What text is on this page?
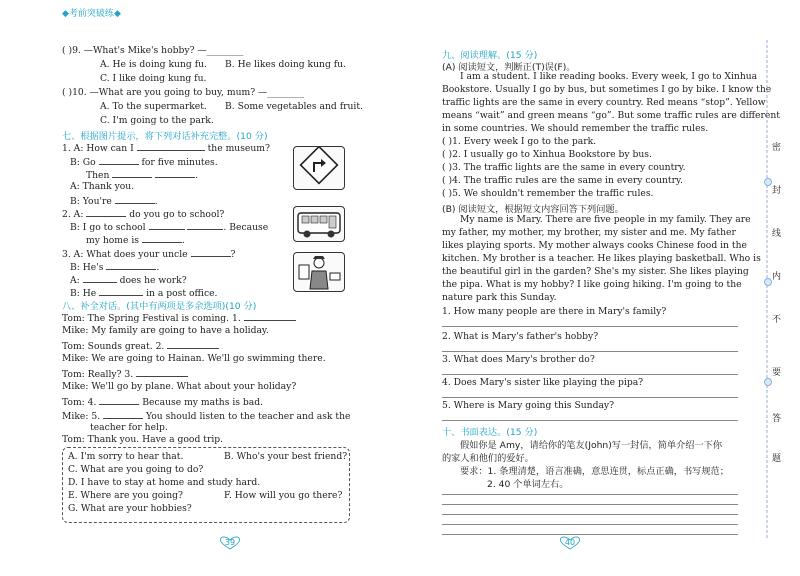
◆考前突破练◆
( )9. —What's Mike's hobby? —________
A. He is doing kung fu. B. He likes doing kung fu.
C. I like doing kung fu.
( )10. —What are you going to buy, mum? —________
A. To the supermarket. B. Some vegetables and fruit.
C. I'm going to the park.
七、根据图片提示，将下列对话补充完整。(10 分)
1. A: How can I	the museum?
B: Go	for five minutes.
Then	.
A: Thank you.
B: You're	.
2. A:	do you go to school?
B: I go to school	. Because
my home is	.
3. A: What does your uncle	?
B: He's	.
A:	does he work?
B: He	in a post office.
八、补全对话。(其中有两项是多余选项)(10 分)
Tom: The Spring Festival is coming. 1.
Mike: My family are going to have a holiday.
Tom: Sounds great. 2.
Mike: We are going to Hainan. We'll go swimming there.
Tom: Really? 3.
Mike: We'll go by plane. What about your holiday?
Tom: 4.	Because my maths is bad.
Mike: 5.	You should listen to the teacher and ask the
teacher for help.
Tom: Thank you. Have a good trip.
A. I'm sorry to hear that.	B. Who's your best friend?
C. What are you going to do?
D. I have to stay at home and study hard.
E. Where are you going?	F. How will you go there?
G. What are your hobbies?
39
九、阅读理解。(15 分)
(A) 阅读短文，判断正(T)误(F)。
I am a student. I like reading books. Every week, I go to Xinhua
Bookstore. Usually I go by bus, but sometimes I go by bike. I know the
traffic lights are the same in every country. Red means “stop”. Yellow
means “wait” and green means “go”. But some traffic rules are different
in some countries. We should remember the traffic rules.
( )1. Every week I go to the park.
( )2. I usually go to Xinhua Bookstore by bus.
( )3. The traffic lights are the same in every country.
( )4. The traffic rules are the same in every country.
( )5. We shouldn't remember the traffic rules.
(B) 阅读短文，根据短文内容回答下列问题。
My name is Mary. There are five people in my family. They are
my father, my mother, my brother, my sister and me. My father
likes playing sports. My mother always cooks Chinese food in the
kitchen. My brother is a teacher. He likes playing basketball. Who is
the beautiful girl in the garden? She's my sister. She likes playing
the pipa. What is my hobby? I like going hiking. I'm going to the
nature park this Sunday.
1. How many people are there in Mary's family?
2. What is Mary's father's hobby?
3. What does Mary's brother do?
4. Does Mary's sister like playing the pipa?
5. Where is Mary going this Sunday?
十、书面表达。(15 分)
假如你是 Amy，请给你的笔友(John)写一封信，简单介绍一下你
的家人和他们的爱好。
要求：1. 条理清楚，语言准确，意思连贯，标点正确，书写规范；
2. 40 个单词左右。
40
密
封
线
内
不
要
答
题
